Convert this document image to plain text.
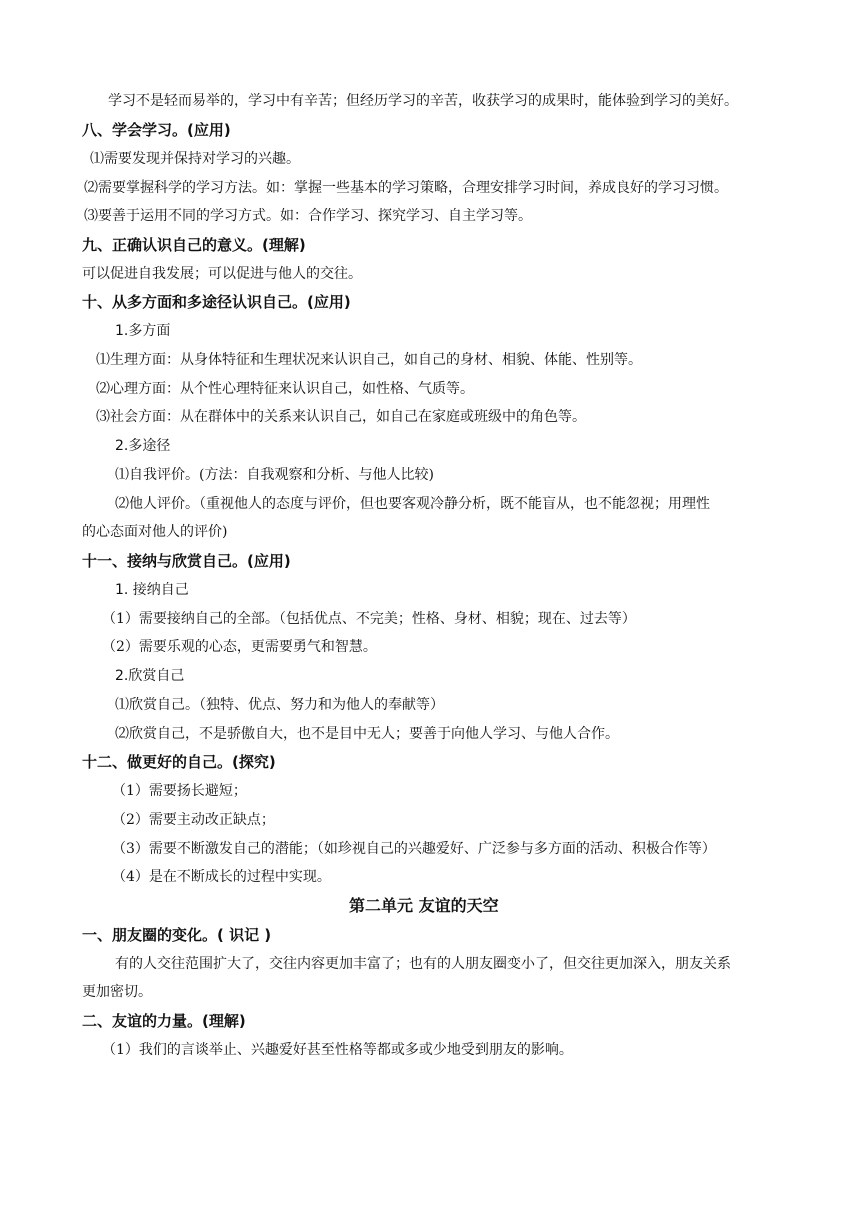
学习不是轻而易举的，学习中有辛苦；但经历学习的辛苦，收获学习的成果时，能体验到学习的美好。
八、学会学习。(应用)
⑴需要发现并保持对学习的兴趣。
⑵需要掌握科学的学习方法。如：掌握一些基本的学习策略，合理安排学习时间，养成良好的学习习惯。
⑶要善于运用不同的学习方式。如：合作学习、探究学习、自主学习等。
九、正确认识自己的意义。(理解)
可以促进自我发展；可以促进与他人的交往。
十、从多方面和多途径认识自己。(应用)
1.多方面
⑴生理方面：从身体特征和生理状况来认识自己，如自己的身材、相貌、体能、性别等。
⑵心理方面：从个性心理特征来认识自己，如性格、气质等。
⑶社会方面：从在群体中的关系来认识自己，如自己在家庭或班级中的角色等。
2.多途径
⑴自我评价。(方法：自我观察和分析、与他人比较)
⑵他人评价。（重视他人的态度与评价，但也要客观冷静分析，既不能盲从，也不能忽视；用理性
的心态面对他人的评价)
十一、接纳与欣赏自己。(应用)
1. 接纳自己
（1）需要接纳自己的全部。（包括优点、不完美；性格、身材、相貌；现在、过去等）
（2）需要乐观的心态，更需要勇气和智慧。
2.欣赏自己
⑴欣赏自己。（独特、优点、努力和为他人的奉献等）
⑵欣赏自己，不是骄傲自大，也不是目中无人；要善于向他人学习、与他人合作。
十二、做更好的自己。(探究)
（1）需要扬长避短；
（2）需要主动改正缺点；
（3）需要不断激发自己的潜能；（如珍视自己的兴趣爱好、广泛参与多方面的活动、积极合作等）
（4）是在不断成长的过程中实现。
第二单元 友谊的天空
一、朋友圈的变化。( 识记 )
有的人交往范围扩大了，交往内容更加丰富了；也有的人朋友圈变小了，但交往更加深入，朋友关系
更加密切。
二、友谊的力量。(理解)
（1）我们的言谈举止、兴趣爱好甚至性格等都或多或少地受到朋友的影响。
